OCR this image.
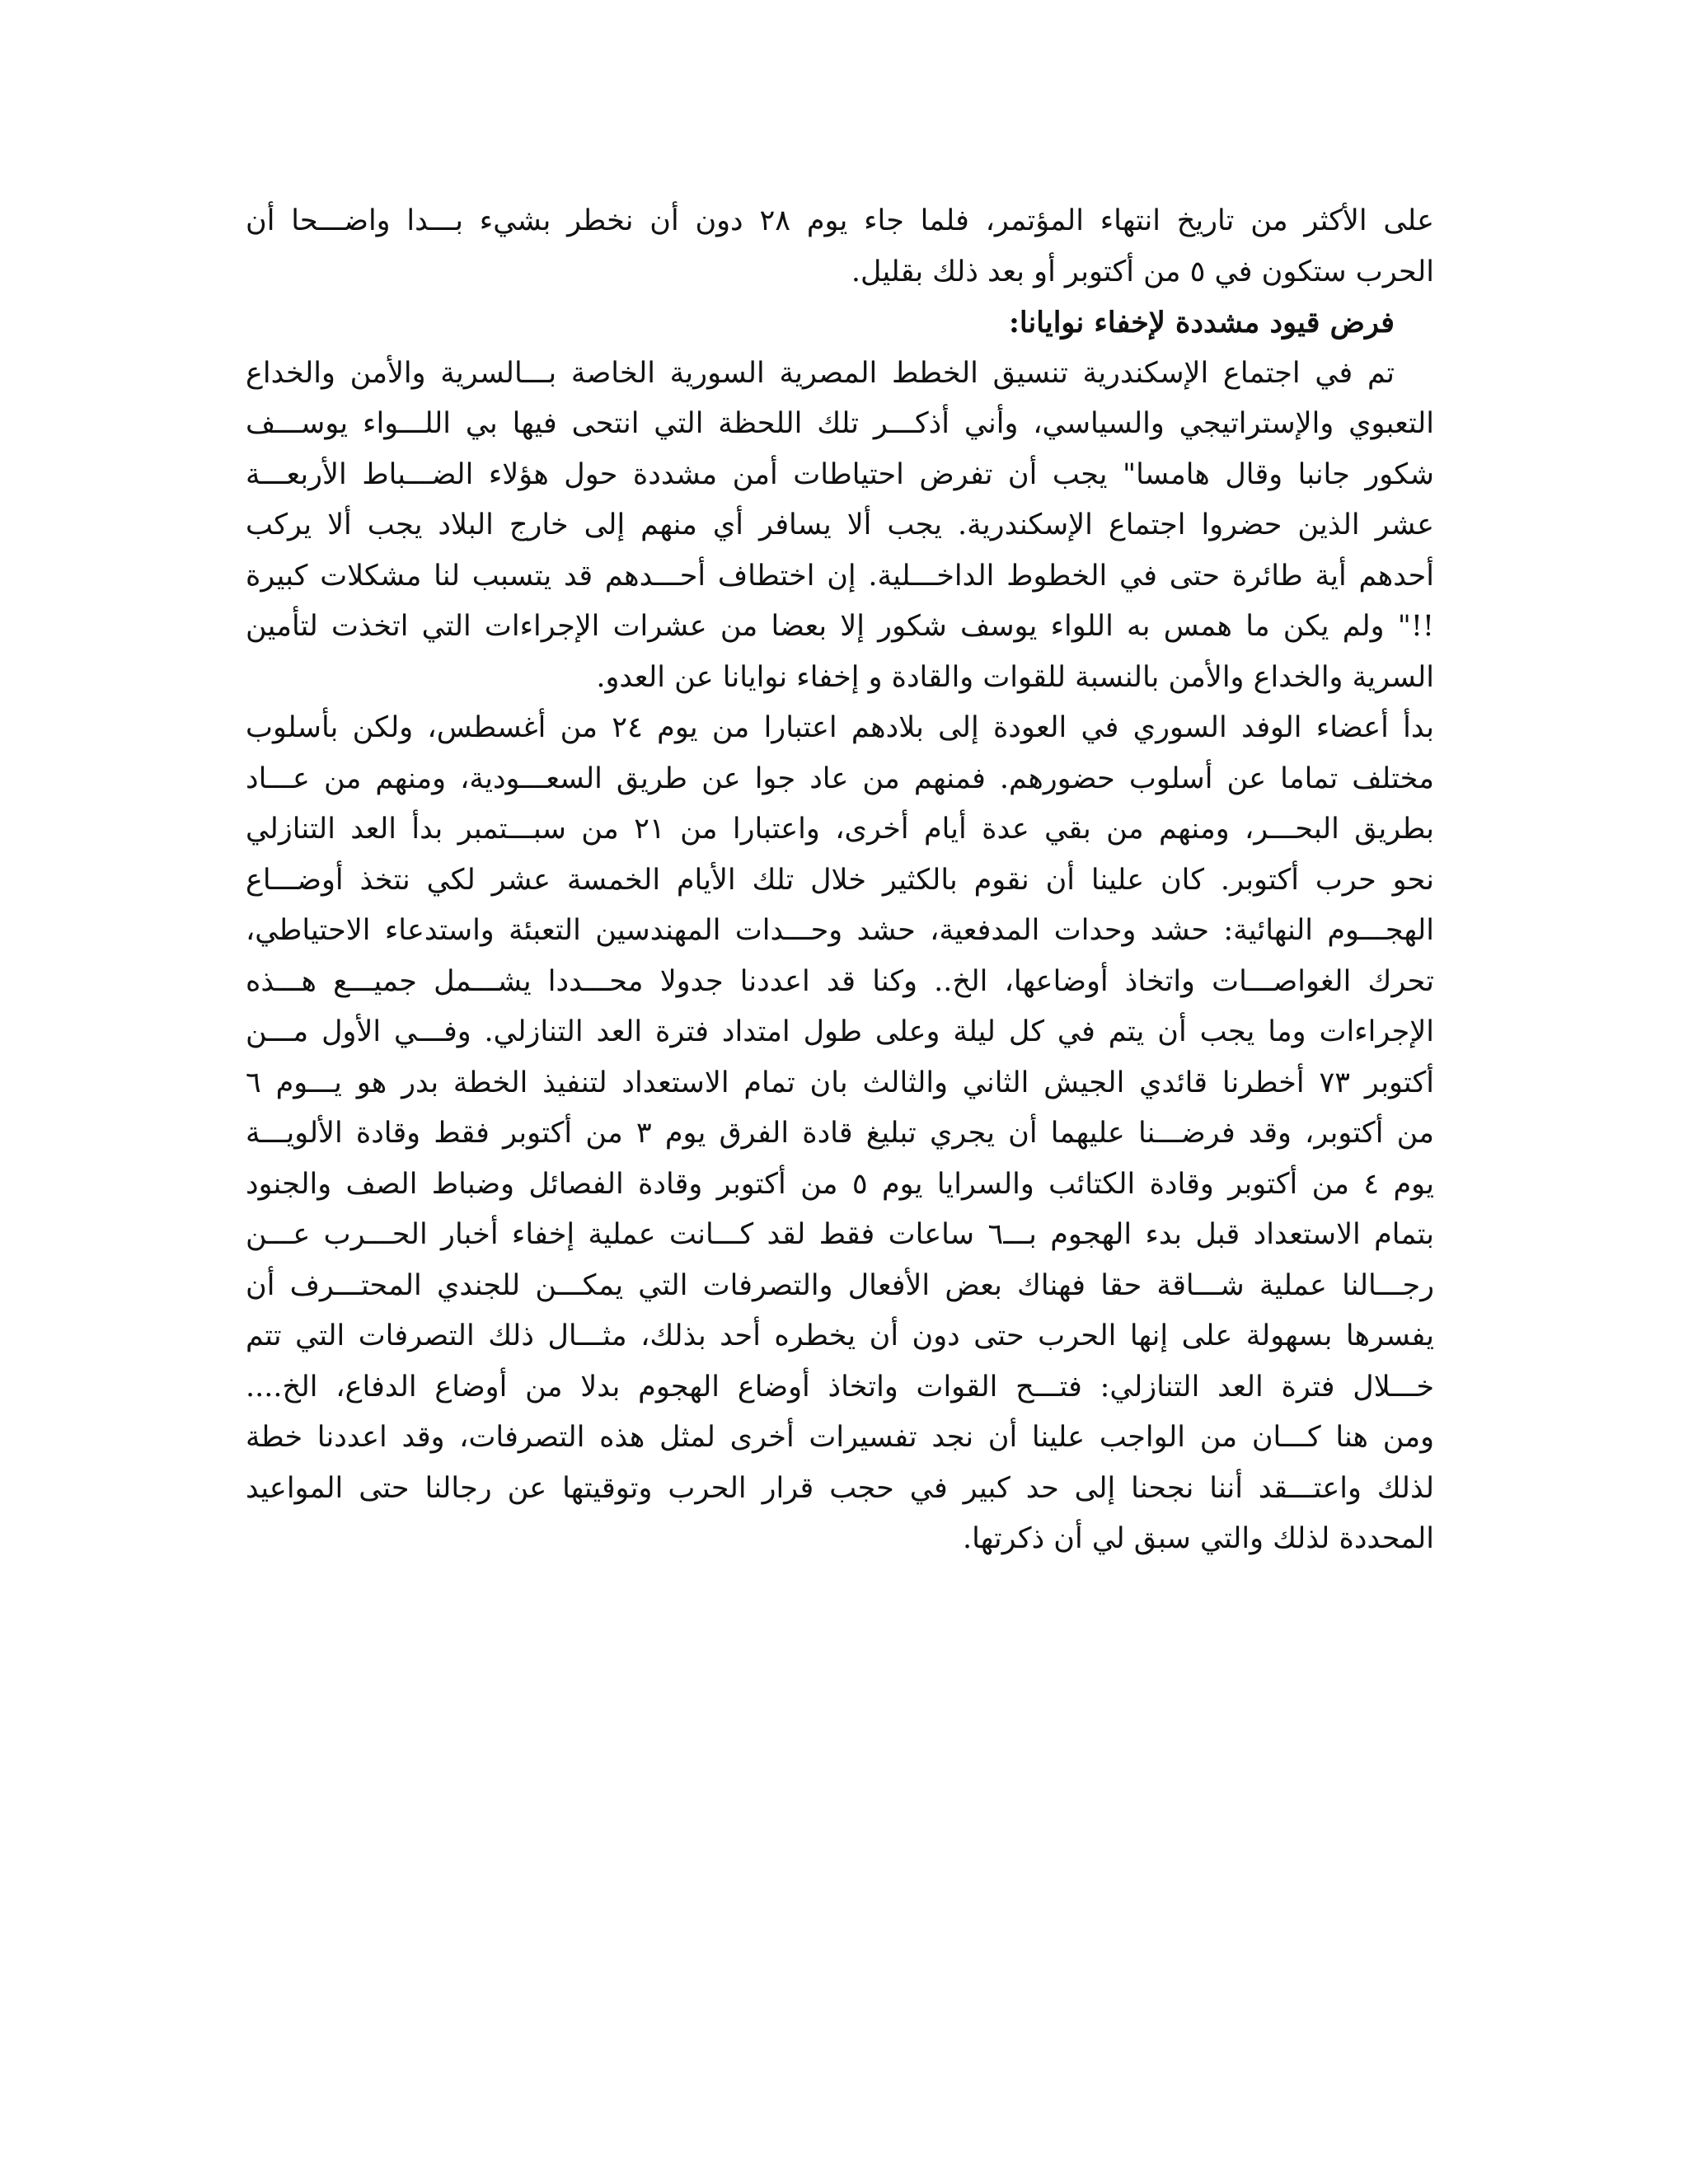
على الأكثر من تاريخ انتهاء المؤتمر، فلما جاء يوم ٢٨ دون أن نخطر بشيء بـــدا واضـــحا أن
الحرب ستكون في ٥ من أكتوبر أو بعد ذلك بقليل.
فرض قيود مشددة لإخفاء نوايانا:
تم في اجتماع الإسكندرية تنسيق الخطط المصرية السورية الخاصة بـــالسرية والأمن والخداع
التعبوي والإستراتيجي والسياسي، وأني أذكـــر تلك اللحظة التي انتحى فيها بي اللـــواء يوســـف
شكور جانبا وقال هامسا" يجب أن تفرض احتياطات أمن مشددة حول هؤلاء الضـــباط الأربعـــة
عشر الذين حضروا اجتماع الإسكندرية. يجب ألا يسافر أي منهم إلى خارج البلاد يجب ألا يركب
أحدهم أية طائرة حتى في الخطوط الداخـــلية. إن اختطاف أحـــدهم قد يتسبب لنا مشكلات كبيرة
!!" ولم يكن ما همس به اللواء يوسف شكور إلا بعضا من عشرات الإجراءات التي اتخذت لتأمين
السرية والخداع والأمن بالنسبة للقوات والقادة و إخفاء نوايانا عن العدو.
بدأ أعضاء الوفد السوري في العودة إلى بلادهم اعتبارا من يوم ٢٤ من أغسطس، ولكن بأسلوب
مختلف تماما عن أسلوب حضورهم. فمنهم من عاد جوا عن طريق السعـــودية، ومنهم من عـــاد
بطريق البحـــر، ومنهم من بقي عدة أيام أخرى، واعتبارا من ٢١ من سبـــتمبر بدأ العد التنازلي
نحو حرب أكتوبر. كان علينا أن نقوم بالكثير خلال تلك الأيام الخمسة عشر لكي نتخذ أوضـــاع
الهجـــوم النهائية: حشد وحدات المدفعية، حشد وحـــدات المهندسين التعبئة واستدعاء الاحتياطي،
تحرك الغواصـــات واتخاذ أوضاعها، الخ.. وكنا قد اعددنا جدولا محـــددا يشـــمل جميـــع هـــذه
الإجراءات وما يجب أن يتم في كل ليلة وعلى طول امتداد فترة العد التنازلي. وفـــي الأول مـــن
أكتوبر ٧٣ أخطرنا قائدي الجيش الثاني والثالث بان تمام الاستعداد لتنفيذ الخطة بدر هو يـــوم ٦
من أكتوبر، وقد فرضـــنا عليهما أن يجري تبليغ قادة الفرق يوم ٣ من أكتوبر فقط وقادة الألويـــة
يوم ٤ من أكتوبر وقادة الكتائب والسرايا يوم ٥ من أكتوبر وقادة الفصائل وضباط الصف والجنود
بتمام الاستعداد قبل بدء الهجوم بـــ٦ ساعات فقط لقد كـــانت عملية إخفاء أخبار الحـــرب عـــن
رجـــالنا عملية شـــاقة حقا فهناك بعض الأفعال والتصرفات التي يمكـــن للجندي المحتـــرف أن
يفسرها بسهولة على إنها الحرب حتى دون أن يخطره أحد بذلك، مثـــال ذلك التصرفات التي تتم
خـــلال فترة العد التنازلي: فتـــح القوات واتخاذ أوضاع الهجوم بدلا من أوضاع الدفاع، الخ....
ومن هنا كـــان من الواجب علينا أن نجد تفسيرات أخرى لمثل هذه التصرفات، وقد اعددنا خطة
لذلك واعتـــقد أننا نجحنا إلى حد كبير في حجب قرار الحرب وتوقيتها عن رجالنا حتى المواعيد
المحددة لذلك والتي سبق لي أن ذكرتها.
